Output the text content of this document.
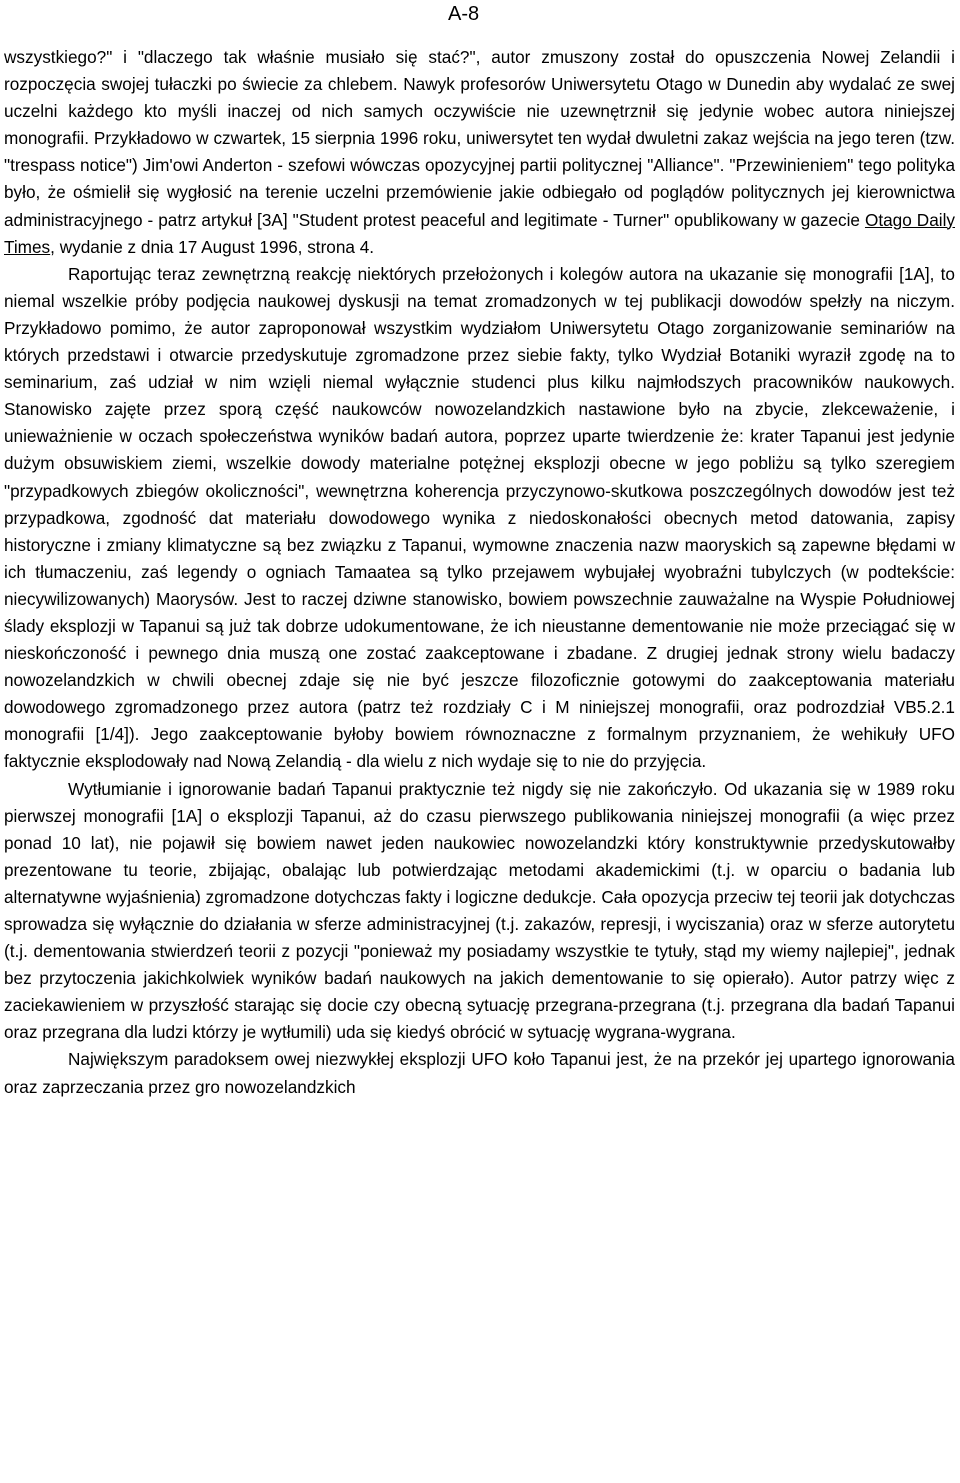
A-8

wszystkiego?" i "dlaczego tak właśnie musiało się stać?", autor zmuszony został do opuszczenia Nowej Zelandii i rozpoczęcia swojej tułaczki po świecie za chlebem. Nawyk profesorów Uniwersytetu Otago w Dunedin aby wydalać ze swej uczelni każdego kto myśli inaczej od nich samych oczywiście nie uzewnętrznił się jedynie wobec autora niniejszej monografii. Przykładowo w czwartek, 15 sierpnia 1996 roku, uniwersytet ten wydał dwuletni zakaz wejścia na jego teren (tzw. "trespass notice") Jim'owi Anderton - szefowi wówczas opozycyjnej partii politycznej "Alliance". "Przewinieniem" tego polityka było, że ośmielił się wygłosić na terenie uczelni przemówienie jakie odbiegało od poglądów politycznych jej kierownictwa administracyjnego - patrz artykuł [3A] "Student protest peaceful and legitimate - Turner" opublikowany w gazecie Otago Daily Times, wydanie z dnia 17 August 1996, strona 4.

Raportując teraz zewnętrzną reakcję niektórych przełożonych i kolegów autora na ukazanie się monografii [1A], to niemal wszelkie próby podjęcia naukowej dyskusji na temat zromadzonych w tej publikacji dowodów spełzły na niczym. Przykładowo pomimo, że autor zaproponował wszystkim wydziałom Uniwersytetu Otago zorganizowanie seminariów na których przedstawi i otwarcie przedyskutuje zgromadzone przez siebie fakty, tylko Wydział Botaniki wyraził zgodę na to seminarium, zaś udział w nim wzięli niemal wyłącznie studenci plus kilku najmłodszych pracowników naukowych. Stanowisko zajęte przez sporą część naukowców nowozelandzkich nastawione było na zbycie, zlekceważenie, i unieważnienie w oczach społeczeństwa wyników badań autora, poprzez uparte twierdzenie że: krater Tapanui jest jedynie dużym obsuwiskiem ziemi, wszelkie dowody materialne potężnej eksplozji obecne w jego pobliżu są tylko szeregiem "przypadkowych zbiegów okoliczności", wewnętrzna koherencja przyczynowo-skutkowa poszczególnych dowodów jest też przypadkowa, zgodność dat materiału dowodowego wynika z niedoskonałości obecnych metod datowania, zapisy historyczne i zmiany klimatyczne są bez związku z Tapanui, wymowne znaczenia nazw maoryskich są zapewne błędami w ich tłumaczeniu, zaś legendy o ogniach Tamaatea są tylko przejawem wybujałej wyobraźni tubylczych (w podtekście: niecywilizowanych) Maorysów. Jest to raczej dziwne stanowisko, bowiem powszechnie zauważalne na Wyspie Południowej ślady eksplozji w Tapanui są już tak dobrze udokumentowane, że ich nieustanne dementowanie nie może przeciągać się w nieskończoność i pewnego dnia muszą one zostać zaakceptowane i zbadane. Z drugiej jednak strony wielu badaczy nowozelandzkich w chwili obecnej zdaje się nie być jeszcze filozoficznie gotowymi do zaakceptowania materiału dowodowego zgromadzonego przez autora (patrz też rozdziały C i M niniejszej monografii, oraz podrozdział VB5.2.1 monografii [1/4]). Jego zaakceptowanie byłoby bowiem równoznaczne z formalnym przyznaniem, że wehikuły UFO faktycznie eksplodowały nad Nową Zelandią - dla wielu z nich wydaje się to nie do przyjęcia.

Wytłumianie i ignorowanie badań Tapanui praktycznie też nigdy się nie zakończyło. Od ukazania się w 1989 roku pierwszej monografii [1A] o eksplozji Tapanui, aż do czasu pierwszego publikowania niniejszej monografii (a więc przez ponad 10 lat), nie pojawił się bowiem nawet jeden naukowiec nowozelandzki który konstruktywnie przedyskutowałby prezentowane tu teorie, zbijając, obalając lub potwierdzając metodami akademickimi (t.j. w oparciu o badania lub alternatywne wyjaśnienia) zgromadzone dotychczas fakty i logiczne dedukcje. Cała opozycja przeciw tej teorii jak dotychczas sprowadza się wyłącznie do działania w sferze administracyjnej (t.j. zakazów, represji, i wyciszania) oraz w sferze autorytetu (t.j. dementowania stwierdzeń teorii z pozycji "ponieważ my posiadamy wszystkie te tytuły, stąd my wiemy najlepiej", jednak bez przytoczenia jakichkolwiek wyników badań naukowych na jakich dementowanie to się opierało). Autor patrzy więc z zaciekawieniem w przyszłość starając się docie czy obecną sytuację przegrana-przegrana (t.j. przegrana dla badań Tapanui oraz przegrana dla ludzi którzy je wytłumili) uda się kiedyś obrócić w sytuację wygrana-wygrana.

Największym paradoksem owej niezwykłej eksplozji UFO koło Tapanui jest, że na przekór jej upartego ignorowania oraz zaprzeczania przez gro nowozelandzkich
